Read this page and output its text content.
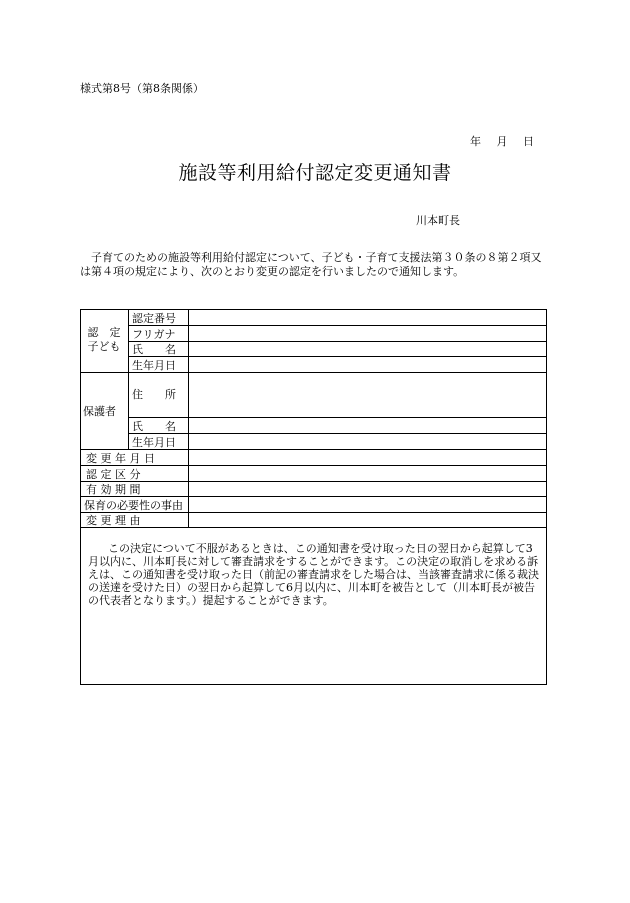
様式第8号（第8条関係）
年 月 日
施設等利用給付認定変更通知書
川本町長
子育てのための施設等利用給付認定について、子ども・子育て支援法第３０条の８第２項又は第４項の規定により、次のとおり変更の認定を行いましたので通知します。
認　定
子ども
認定番号
フリガナ
氏　　名
生年月日
保護者
住　　所
氏　　名
生年月日
変 更 年 月 日
認 定 区 分
有 効 期 間
保育の必要性の事由
変 更 理 由
この決定について不服があるときは、この通知書を受け取った日の翌日から起算して3月以内に、川本町長に対して審査請求をすることができます。この決定の取消しを求める訴えは、この通知書を受け取った日（前記の審査請求をした場合は、当該審査請求に係る裁決の送達を受けた日）の翌日から起算して6月以内に、川本町を被告として（川本町長が被告の代表者となります。）提起することができます。
